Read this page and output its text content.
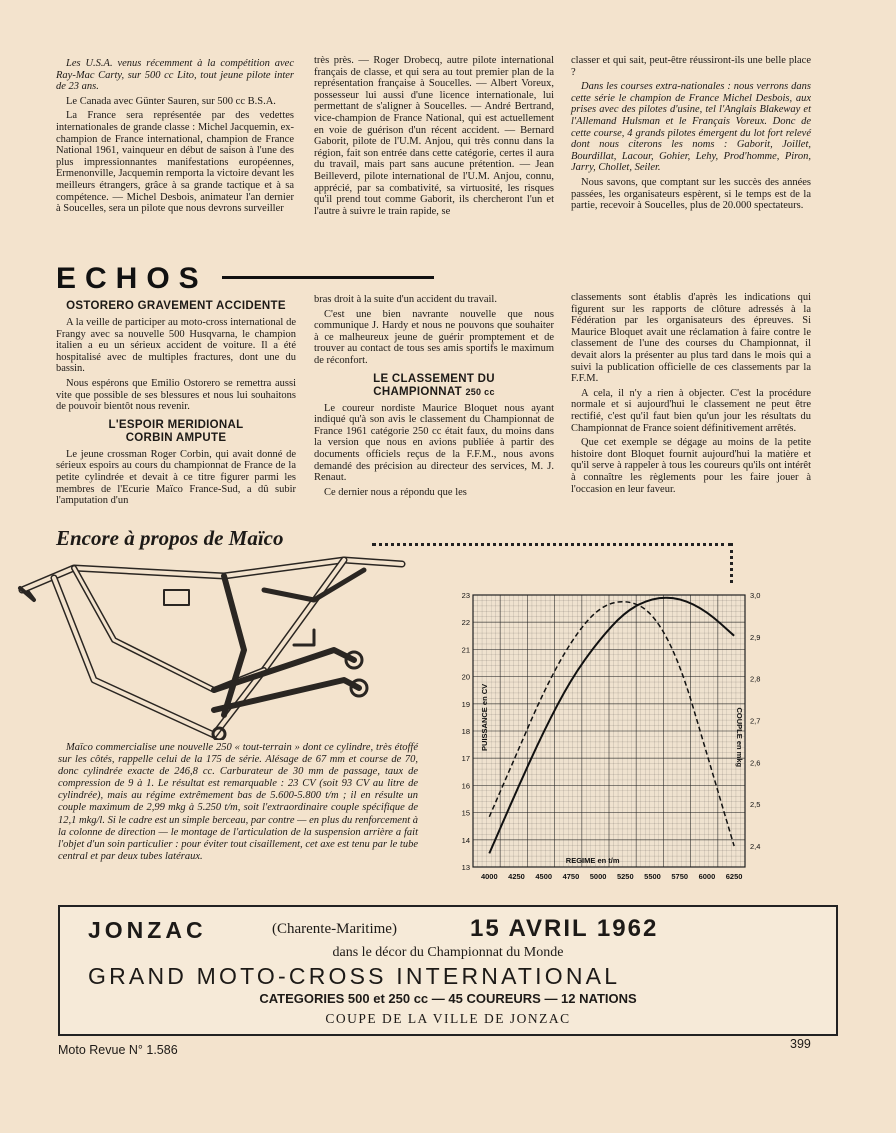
Les U.S.A. venus récemment à la compétition avec Ray-Mac Carty, sur 500 cc Lito, tout jeune pilote inter de 23 ans.

Le Canada avec Günter Sauren, sur 500 cc B.S.A.

La France sera représentée par des vedettes internationales de grande classe : Michel Jacquemin, ex-champion de France international, champion de France National 1961, vainqueur en début de saison à l'une des plus impressionnantes manifestations européennes, Ermenonville, Jacquemin remporta la victoire devant les meilleurs étrangers, grâce à sa grande tactique et à sa compétence. — Michel Desbois, animateur l'an dernier à Soucelles, sera un pilote que nous devrons surveiller

très près. — Roger Drobecq, autre pilote international français de classe, et qui sera au tout premier plan de la représentation française à Soucelles. — Albert Voreux, possesseur lui aussi d'une licence internationale, lui permettant de s'aligner à Soucelles. — André Bertrand, vice-champion de France National, qui est actuellement en voie de guérison d'un récent accident. — Bernard Gaborit, pilote de l'U.M. Anjou, qui très connu dans la région, fait son entrée dans cette catégorie, certes il aura du travail, mais part sans aucune prétention. — Jean Beilleverd, pilote international de l'U.M. Anjou, connu, apprécié, par sa combativité, sa virtuosité, les risques qu'il prend tout comme Gaborit, ils chercheront l'un et l'autre à suivre le train rapide, se

classer et qui sait, peut-être réussiront-ils une belle place ?

Dans les courses extra-nationales : nous verrons dans cette série le champion de France Michel Desbois, aux prises avec des pilotes d'usine, tel l'Anglais Blakeway et l'Allemand Hulsman et le Français Voreux. Donc de cette course, 4 grands pilotes émergent du lot fort relevé dont nous citerons les noms : Gaborit, Joillet, Bourdillat, Lacour, Gohier, Lehy, Prod'homme, Piron, Jarry, Chollet, Seiler.

Nous savons, que comptant sur les succès des années passées, les organisateurs espèrent, si le temps est de la partie, recevoir à Soucelles, plus de 20.000 spectateurs.

ECHOS
OSTORERO GRAVEMENT ACCIDENTE

A la veille de participer au moto-cross international de Frangy avec sa nouvelle 500 Husqvarna, le champion italien a eu un sérieux accident de voiture. Il a été hospitalisé avec de multiples fractures, dont une du bassin.

Nous espérons que Emilio Ostorero se remettra aussi vite que possible de ses blessures et nous lui souhaitons de pouvoir bientôt nous revenir.

L'ESPOIR MERIDIONAL CORBIN AMPUTE

Le jeune crossman Roger Corbin, qui avait donné de sérieux espoirs au cours du championnat de France de la petite cylindrée et devait à ce titre figurer parmi les membres de l'Ecurie Maïco France-Sud, a dû subir l'amputation d'un

bras droit à la suite d'un accident du travail.

C'est une bien navrante nouvelle que nous communique J. Hardy et nous ne pouvons que souhaiter à ce malheureux jeune de guérir promptement et de trouver au contact de tous ses amis sportifs le maximum de réconfort.

LE CLASSEMENT DU CHAMPIONNAT 250 cc

Le coureur nordiste Maurice Bloquet nous ayant indiqué qu'à son avis le classement du Championnat de France 1961 catégorie 250 cc était faux, du moins dans la version que nous en avions publiée à partir des documents officiels reçus de la F.F.M., nous avons demandé des précision au directeur des services, M. J. Renaut.

Ce dernier nous a répondu que les

classements sont établis d'après les indications qui figurent sur les rapports de clôture adressés à la Fédération par les organisateurs des épreuves. Si Maurice Bloquet avait une réclamation à faire contre le classement de l'une des courses du Championnat, il devait alors la présenter au plus tard dans le mois qui a suivi la publication officielle de ces classements par la F.F.M.

A cela, il n'y a rien à objecter. C'est la procédure normale et si aujourd'hui le classement ne peut être rectifié, c'est qu'il faut bien qu'un jour les résultats du Championnat de France soient définitivement arrêtés.

Que cet exemple se dégage au moins de la petite histoire dont Bloquet fournit aujourd'hui la matière et qu'il serve à rappeler à tous les coureurs qu'ils ont intérêt à connaître les règlements pour les faire jouer à l'occasion en leur faveur.

Encore à propos de Maïco

Maïco commercialise une nouvelle 250 « tout-terrain » dont ce cylindre, très étoffé sur les côtés, rappelle celui de la 175 de série. Alésage de 67 mm et course de 70, donc cylindrée exacte de 246,8 cc. Carburateur de 30 mm de passage, taux de compression de 9 à 1. Le résultat est remarquable : 23 CV (soit 93 CV au litre de cylindrée), mais au régime extrêmement bas de 5.600-5.800 t/m ; il en résulte un couple maximum de 2,99 mkg à 5.250 t/m, soit l'extraordinaire couple spécifique de 12,1 mkg/l. Si le cadre est un simple berceau, par contre — en plus du renforcement à la colonne de direction — le montage de l'articulation de la suspension arrière a fait l'objet d'un soin particulier : pour éviter tout cisaillement, cet axe est tenu par le tube central et par deux tubes latéraux.

13
14
15
16
17
18
19
20
21
22
23
2,4
2,5
2,6
2,7
2,8
2,9
3,0
4000 4250 4500 4750 5000 5250 5500 5750 6000 6250
REGIME en t/m
PUISSANCE en CV	COUPLE en mkg
JONZAC	(Charente-Maritime)	15 AVRIL 1962
dans le décor du Championnat du Monde
GRAND MOTO-CROSS INTERNATIONAL
CATEGORIES 500 et 250 cc — 45 COUREURS — 12 NATIONS
COUPE DE LA VILLE DE JONZAC
Moto Revue N° 1.586	399
